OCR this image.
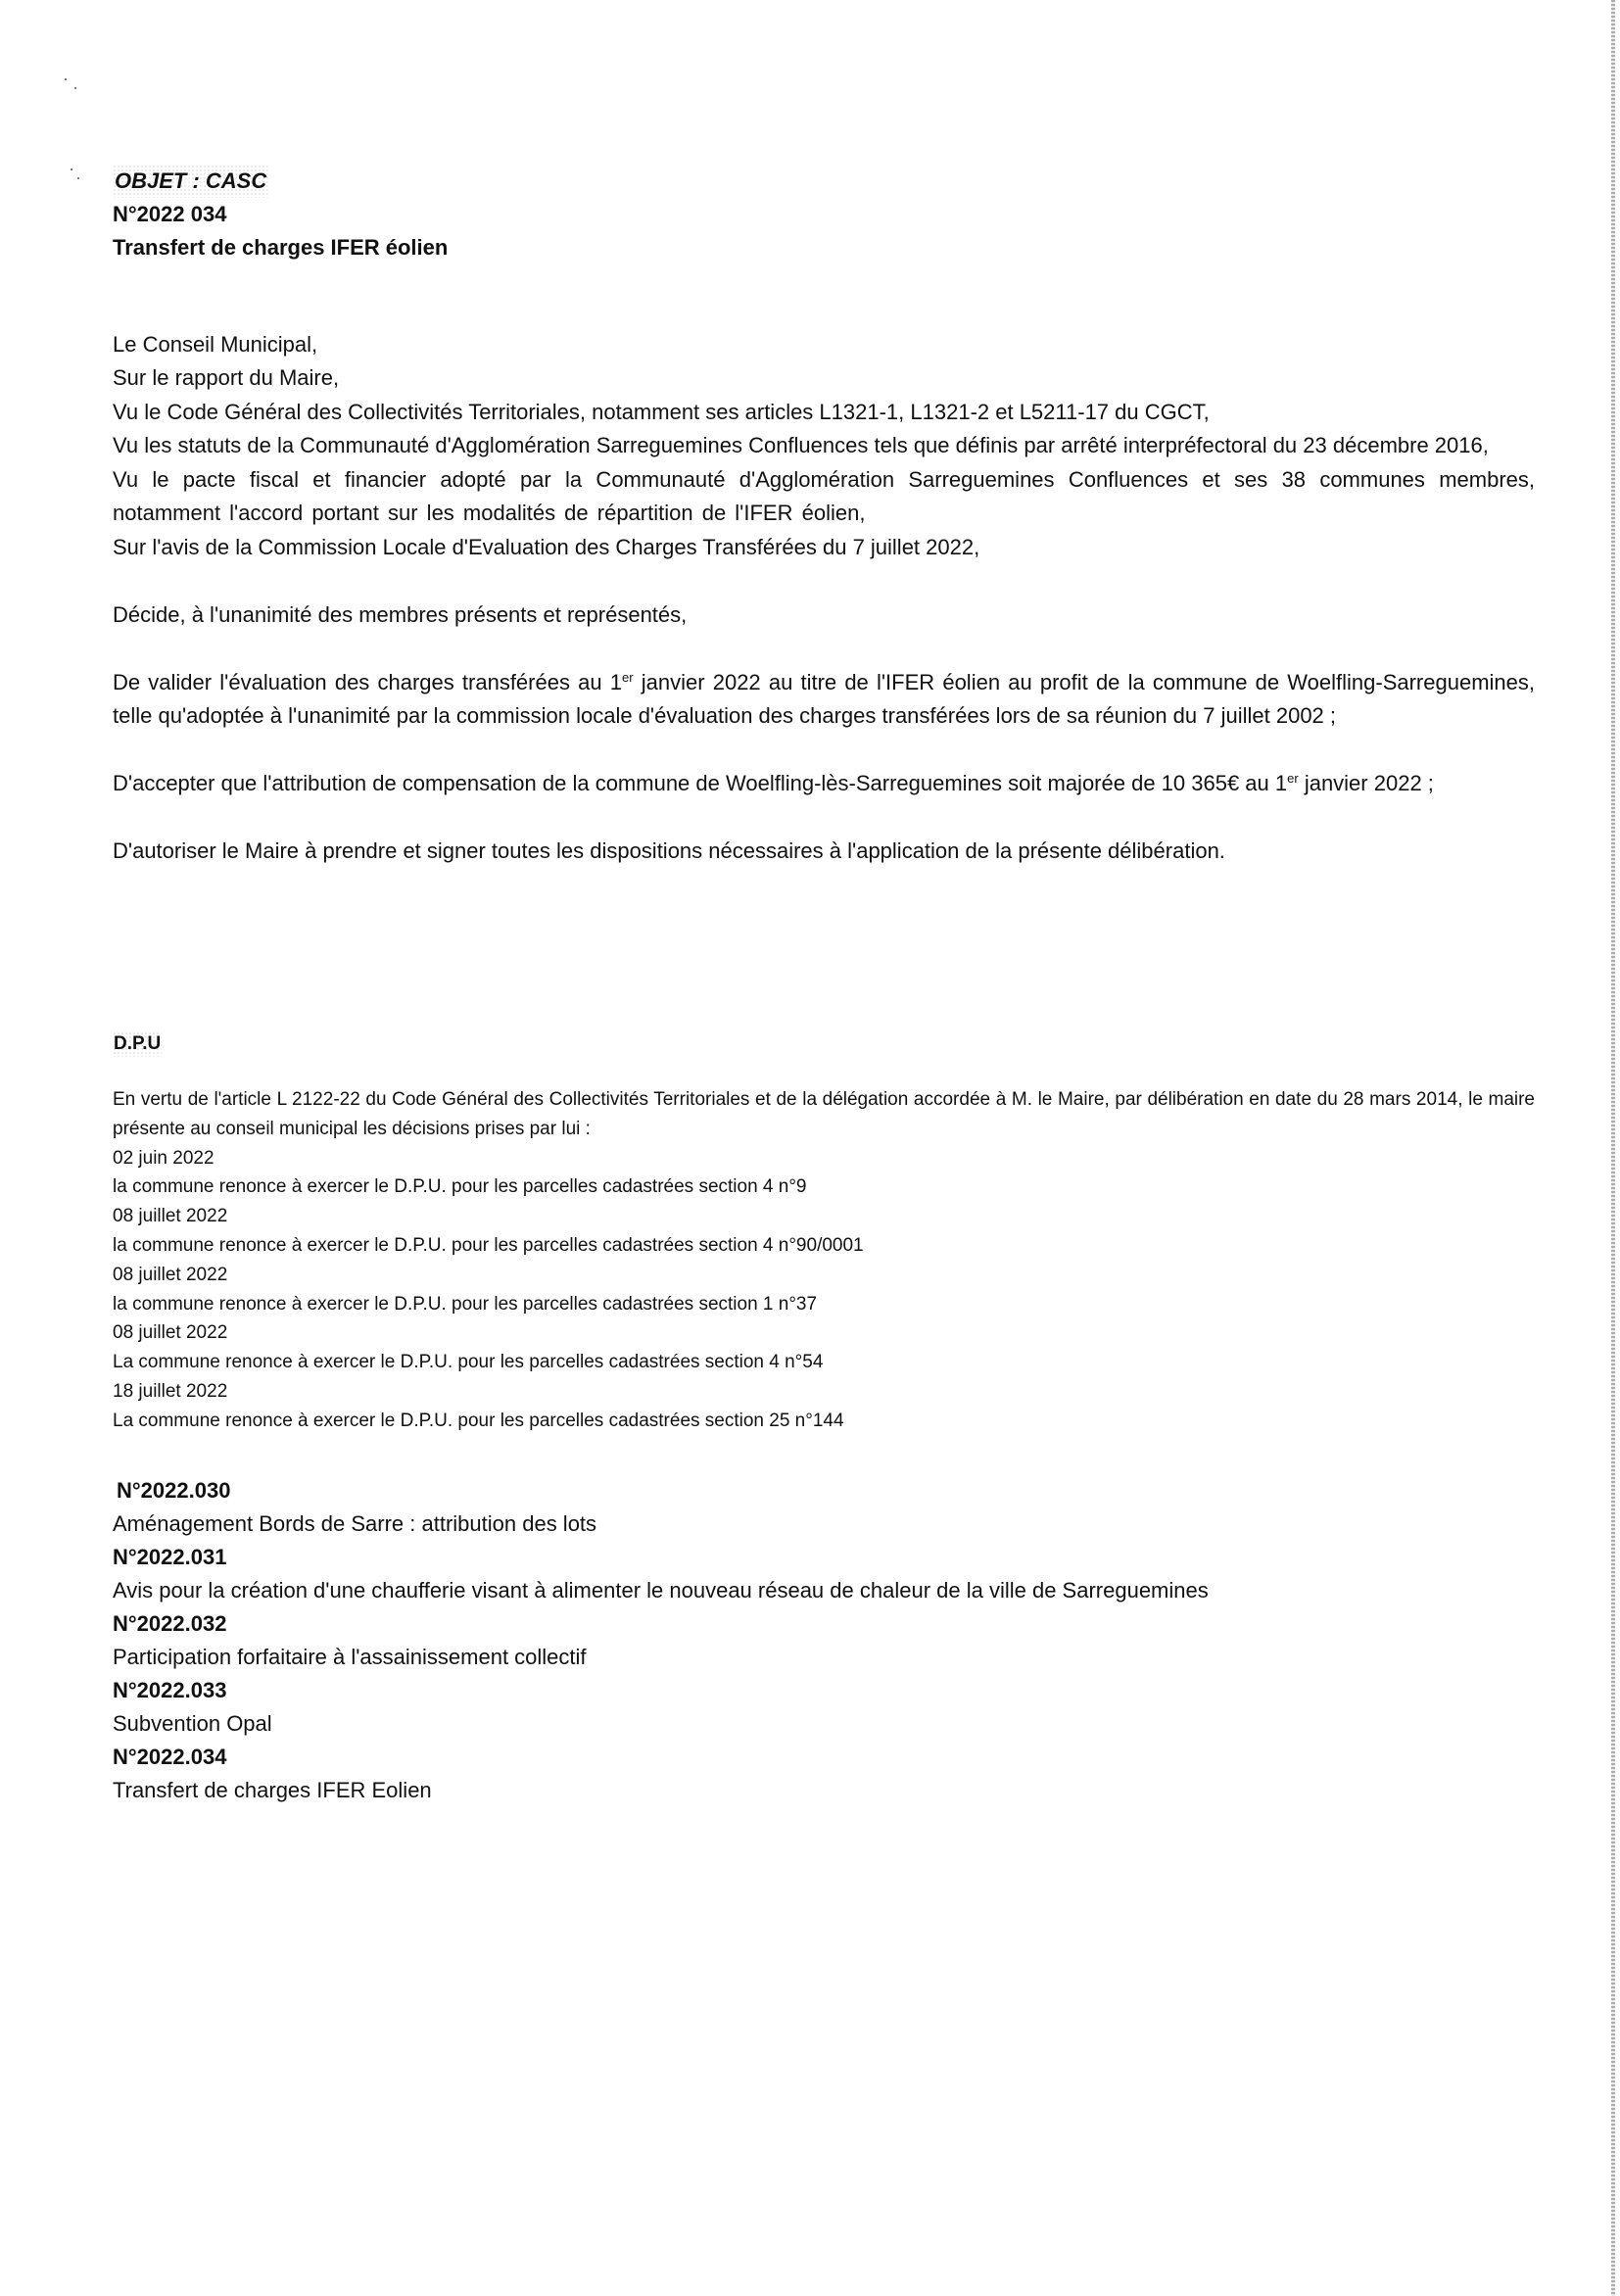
OBJET : CASC
N°2022 034
Transfert de charges IFER éolien

Le Conseil Municipal,

Sur le rapport du Maire,

Vu le Code Général des Collectivités Territoriales, notamment ses articles L1321-1, L1321-2 et L5211-17 du CGCT,

Vu les statuts de la Communauté d'Agglomération Sarreguemines Confluences tels que définis par arrêté interpréfectoral du 23 décembre 2016,

Vu le pacte fiscal et financier adopté par la Communauté d'Agglomération Sarreguemines Confluences et ses 38 communes membres, notamment l'accord portant sur les modalités de répartition de l'IFER éolien,

Sur l'avis de la Commission Locale d'Evaluation des Charges Transférées du 7 juillet 2022,

Décide, à l'unanimité des membres présents et représentés,

De valider l'évaluation des charges transférées au 1er janvier 2022 au titre de l'IFER éolien au profit de la commune de Woelfling-Sarreguemines, telle qu'adoptée à l'unanimité par la commission locale d'évaluation des charges transférées lors de sa réunion du 7 juillet 2002 ;

D'accepter que l'attribution de compensation de la commune de Woelfling-lès-Sarreguemines soit majorée de 10 365€ au 1er janvier 2022 ;

D'autoriser le Maire à prendre et signer toutes les dispositions nécessaires à l'application de la présente délibération.

D.P.U

En vertu de l'article L 2122-22 du Code Général des Collectivités Territoriales et de la délégation accordée à M. le Maire, par délibération en date du 28 mars 2014, le maire présente au conseil municipal les décisions prises par lui :

02 juin 2022

la commune renonce à exercer le D.P.U. pour les parcelles cadastrées section 4 n°9

08 juillet 2022

la commune renonce à exercer le D.P.U. pour les parcelles cadastrées section 4 n°90/0001

08 juillet 2022

la commune renonce à exercer le D.P.U. pour les parcelles cadastrées section 1 n°37

08 juillet 2022

La commune renonce à exercer le D.P.U. pour les parcelles cadastrées section 4 n°54

18 juillet 2022

La commune renonce à exercer le D.P.U. pour les parcelles cadastrées section 25 n°144

N°2022.030
Aménagement Bords de Sarre : attribution des lots
N°2022.031
Avis pour la création d'une chaufferie visant à alimenter le nouveau réseau de chaleur de la ville de Sarreguemines
N°2022.032
Participation forfaitaire à l'assainissement collectif
N°2022.033
Subvention Opal
N°2022.034
Transfert de charges IFER Eolien
